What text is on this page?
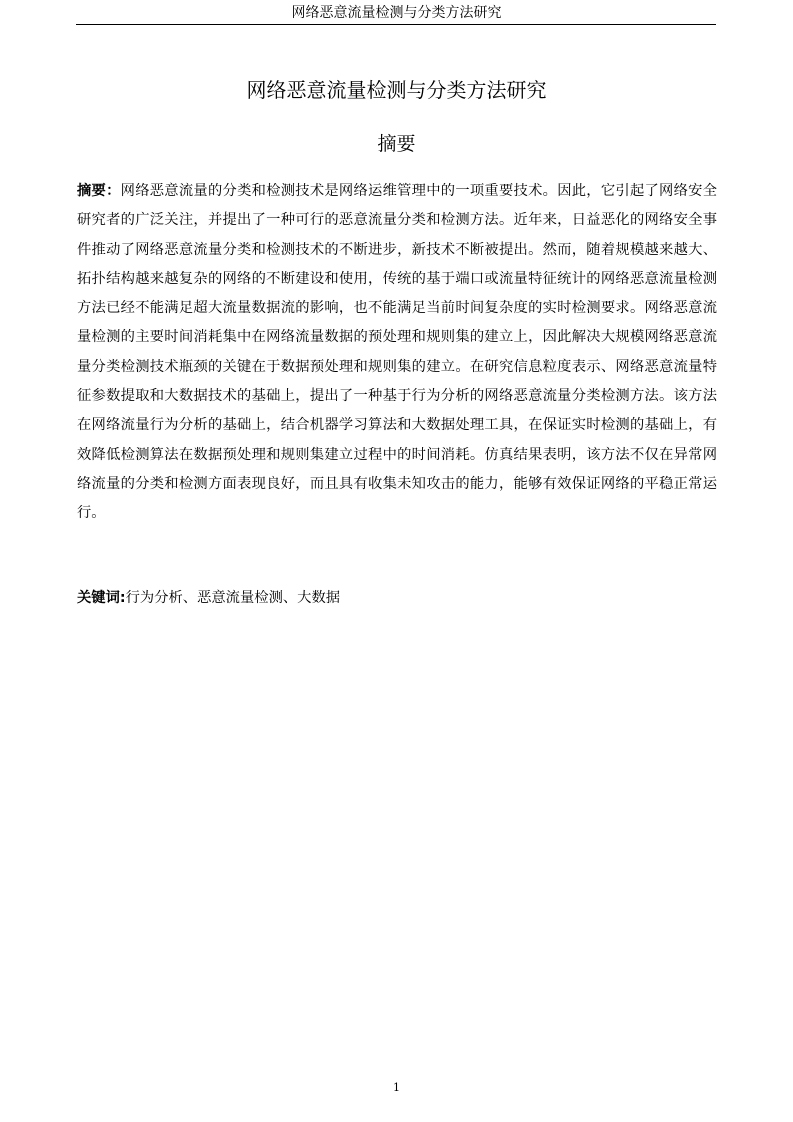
网络恶意流量检测与分类方法研究
网络恶意流量检测与分类方法研究
摘要

摘要：网络恶意流量的分类和检测技术是网络运维管理中的一项重要技术。因此，它引起了网络安全研究者的广泛关注，并提出了一种可行的恶意流量分类和检测方法。近年来，日益恶化的网络安全事件推动了网络恶意流量分类和检测技术的不断进步，新技术不断被提出。然而，随着规模越来越大、拓扑结构越来越复杂的网络的不断建设和使用，传统的基于端口或流量特征统计的网络恶意流量检测方法已经不能满足超大流量数据流的影响，也不能满足当前时间复杂度的实时检测要求。网络恶意流量检测的主要时间消耗集中在网络流量数据的预处理和规则集的建立上，因此解决大规模网络恶意流量分类检测技术瓶颈的关键在于数据预处理和规则集的建立。在研究信息粒度表示、网络恶意流量特征参数提取和大数据技术的基础上，提出了一种基于行为分析的网络恶意流量分类检测方法。该方法在网络流量行为分析的基础上，结合机器学习算法和大数据处理工具，在保证实时检测的基础上，有效降低检测算法在数据预处理和规则集建立过程中的时间消耗。仿真结果表明，该方法不仅在异常网络流量的分类和检测方面表现良好，而且具有收集未知攻击的能力，能够有效保证网络的平稳正常运行。

关键词:行为分析、恶意流量检测、大数据

1
